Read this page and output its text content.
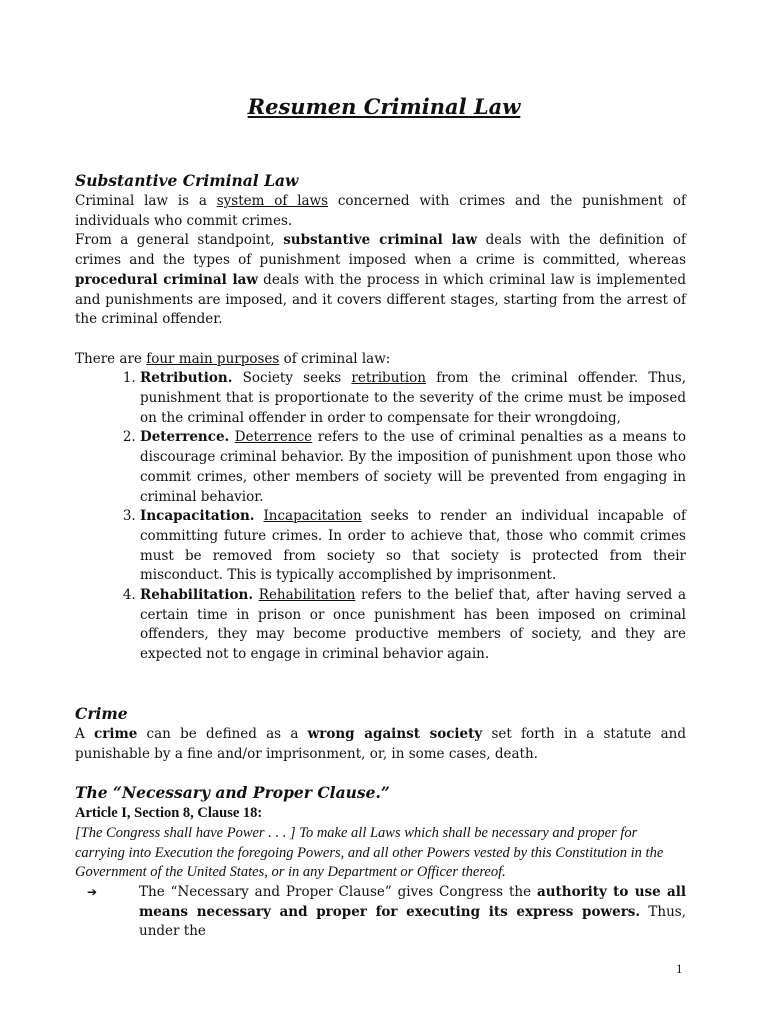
Resumen Criminal Law
Substantive Criminal Law

Criminal law is a system of laws concerned with crimes and the punishment of individuals who commit crimes.

From a general standpoint, substantive criminal law deals with the definition of crimes and the types of punishment imposed when a crime is committed, whereas procedural criminal law deals with the process in which criminal law is implemented and punishments are imposed, and it covers different stages, starting from the arrest of the criminal offender.

There are four main purposes of criminal law:

1. Retribution. Society seeks retribution from the criminal offender. Thus, punishment that is proportionate to the severity of the crime must be imposed on the criminal offender in order to compensate for their wrongdoing,
2. Deterrence. Deterrence refers to the use of criminal penalties as a means to discourage criminal behavior. By the imposition of punishment upon those who commit crimes, other members of society will be prevented from engaging in criminal behavior.
3. Incapacitation. Incapacitation seeks to render an individual incapable of committing future crimes. In order to achieve that, those who commit crimes must be removed from society so that society is protected from their misconduct. This is typically accomplished by imprisonment.
4. Rehabilitation. Rehabilitation refers to the belief that, after having served a certain time in prison or once punishment has been imposed on criminal offenders, they may become productive members of society, and they are expected not to engage in criminal behavior again.
Crime

A crime can be defined as a wrong against society set forth in a statute and punishable by a fine and/or imprisonment, or, in some cases, death.

The “Necessary and Proper Clause.”

Article I, Section 8, Clause 18:

[The Congress shall have Power . . . ] To make all Laws which shall be necessary and proper for carrying into Execution the foregoing Powers, and all other Powers vested by this Constitution in the Government of the United States, or in any Department or Officer thereof.

➔	The “Necessary and Proper Clause” gives Congress the authority to use all means necessary and proper for executing its express powers. Thus, under the
1
